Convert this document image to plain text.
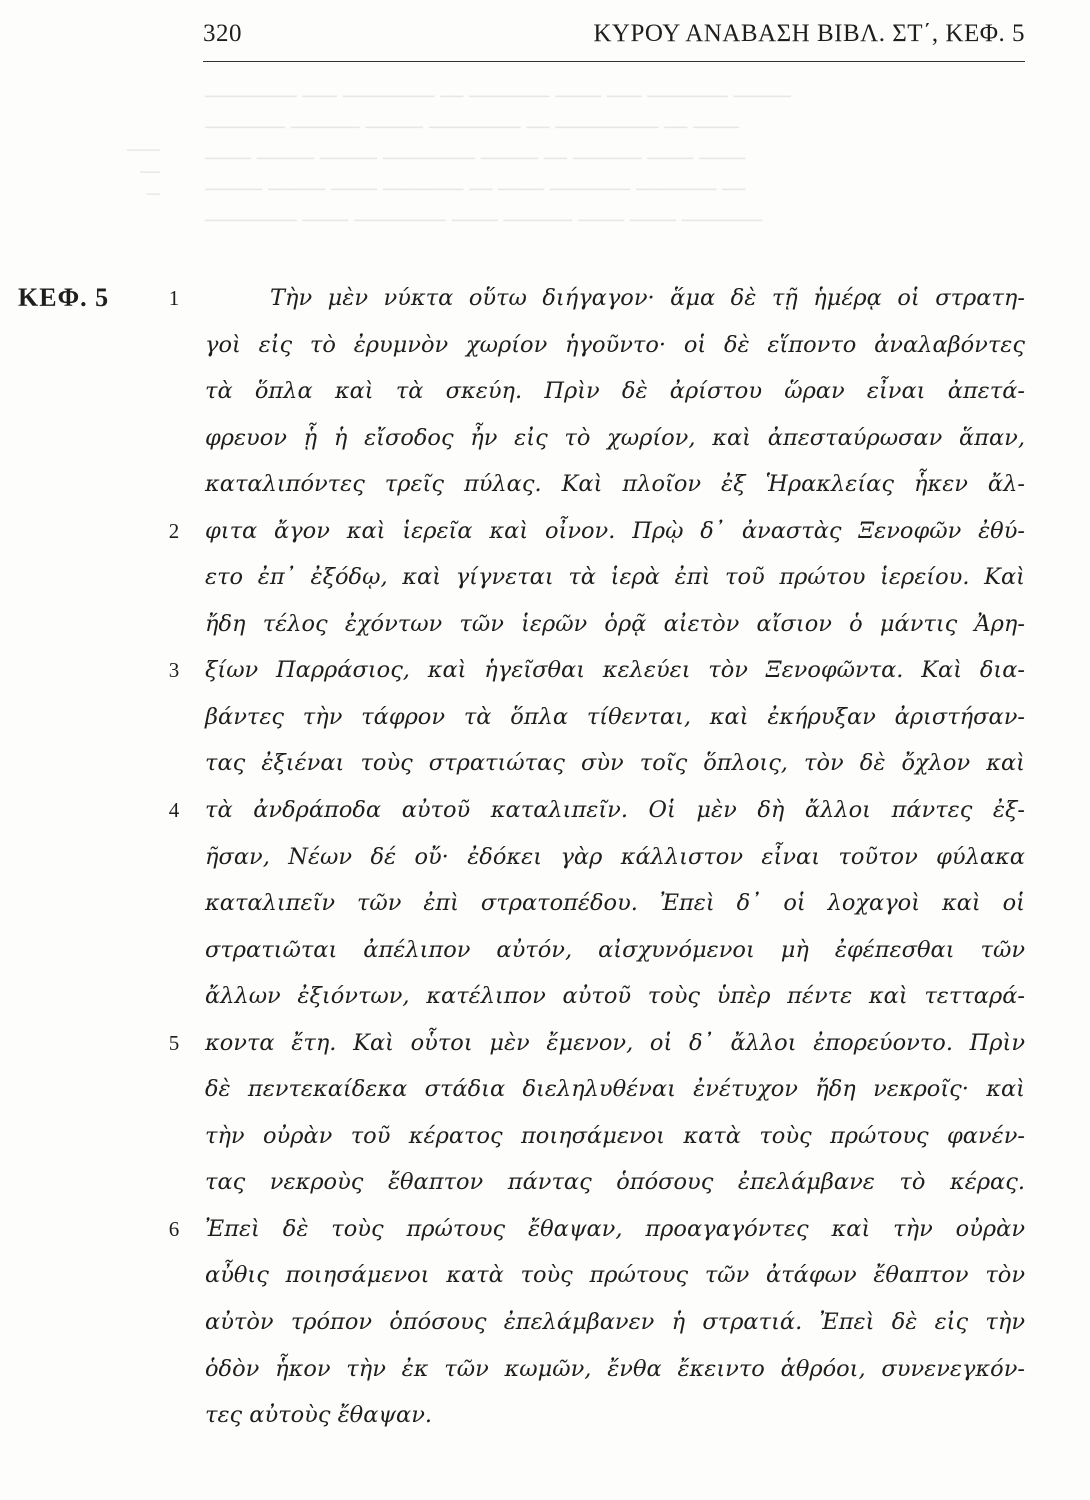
──────── ─── ──────── ── ─────── ──── ─── ─────── ─────
─────── ────── ───── ──────── ── ───────── ── ────
──── ───── ───── ──────── ───── ── ────── ──── ────
───── ───── ──── ─────── ── ──── ─────── ─────── ──
──────── ──── ──────── ──── ────── ──── ──── ───────
─────
───
──
320	ΚΥΡΟΥ ΑΝΑΒΑΣΗ ΒΙΒΛ. ΣΤ΄, ΚΕΦ. 5
ΚΕΦ. 5	1	Τὴν μὲν νύκτα οὕτω διήγαγον· ἅμα δὲ τῇ ἡμέρᾳ οἱ στρατη-
γοὶ εἰς τὸ ἐρυμνὸν χωρίον ἡγοῦντο· οἱ δὲ εἵποντο ἀναλαβόντες
τὰ ὅπλα καὶ τὰ σκεύη. Πρὶν δὲ ἀρίστου ὥραν εἶναι ἀπετά-
φρευον ᾗ ἡ εἴσοδος ἦν εἰς τὸ χωρίον, καὶ ἀπεσταύρωσαν ἅπαν,
καταλιπόντες τρεῖς πύλας. Καὶ πλοῖον ἐξ Ἡρακλείας ἧκεν ἄλ-
2 φιτα ἄγον καὶ ἱερεῖα καὶ οἶνον. Πρῲ δ᾽ ἀναστὰς Ξενοφῶν ἐθύ-
ετο ἐπ᾽ ἐξόδῳ, καὶ γίγνεται τὰ ἱερὰ ἐπὶ τοῦ πρώτου ἱερείου. Καὶ
ἤδη τέλος ἐχόντων τῶν ἱερῶν ὁρᾷ αἰετὸν αἴσιον ὁ μάντις Ἀρη-
3 ξίων Παρράσιος, καὶ ἡγεῖσθαι κελεύει τὸν Ξενοφῶντα. Καὶ δια-
βάντες τὴν τάφρον τὰ ὅπλα τίθενται, καὶ ἐκήρυξαν ἀριστήσαν-
τας ἐξιέναι τοὺς στρατιώτας σὺν τοῖς ὅπλοις, τὸν δὲ ὄχλον καὶ
4 τὰ ἀνδράποδα αὐτοῦ καταλιπεῖν. Οἱ μὲν δὴ ἄλλοι πάντες ἐξ-
ῆσαν, Νέων δέ οὔ· ἐδόκει γὰρ κάλλιστον εἶναι τοῦτον φύλακα
καταλιπεῖν τῶν ἐπὶ στρατοπέδου. Ἐπεὶ δ᾽ οἱ λοχαγοὶ καὶ οἱ
στρατιῶται ἀπέλιπον αὐτόν, αἰσχυνόμενοι μὴ ἐφέπεσθαι τῶν
ἄλλων ἐξιόντων, κατέλιπον αὐτοῦ τοὺς ὑπὲρ πέντε καὶ τετταρά-
5 κοντα ἔτη. Καὶ οὗτοι μὲν ἔμενον, οἱ δ᾽ ἄλλοι ἐπορεύοντο. Πρὶν
δὲ πεντεκαίδεκα στάδια διεληλυθέναι ἐνέτυχον ἤδη νεκροῖς· καὶ
τὴν οὐρὰν τοῦ κέρατος ποιησάμενοι κατὰ τοὺς πρώτους φανέν-
τας νεκροὺς ἔθαπτον πάντας ὁπόσους ἐπελάμβανε τὸ κέρας.
6 Ἐπεὶ δὲ τοὺς πρώτους ἔθαψαν, προαγαγόντες καὶ τὴν οὐρὰν
αὖθις ποιησάμενοι κατὰ τοὺς πρώτους τῶν ἀτάφων ἔθαπτον τὸν
αὐτὸν τρόπον ὁπόσους ἐπελάμβανεν ἡ στρατιά. Ἐπεὶ δὲ εἰς τὴν
ὁδὸν ἧκον τὴν ἐκ τῶν κωμῶν, ἔνθα ἔκειντο ἁθρόοι, συνενεγκόν-
τες αὐτοὺς ἔθαψαν.
